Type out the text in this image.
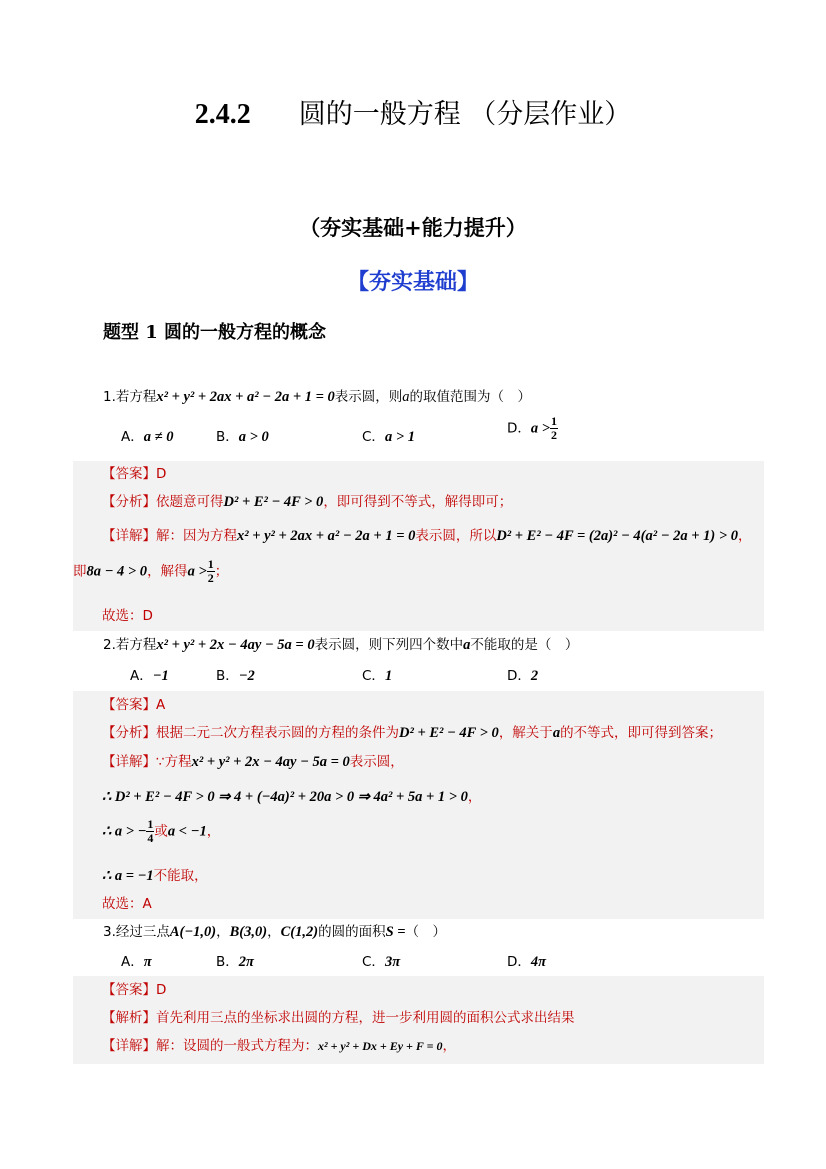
2.4.2 圆的一般方程 （分层作业）
（夯实基础+能力提升）
【夯实基础】
题型 1 圆的一般方程的概念
1.若方程x² + y² + 2ax + a² − 2a + 1 = 0表示圆，则a的取值范围为（　）
A．a ≠ 0	B．a > 0	C．a > 1
D．$a > \frac{1}{2}$
【答案】D
【分析】依题意可得D² + E² − 4F > 0，即可得到不等式，解得即可；
【详解】解：因为方程x² + y² + 2ax + a² − 2a + 1 = 0表示圆，所以D² + E² − 4F = (2a)² − 4(a² − 2a + 1) > 0，
即8a − 4 > 0，解得$a > \frac{1}{2}$ ；
故选：D
2.若方程x² + y² + 2x − 4ay − 5a = 0表示圆，则下列四个数中a不能取的是（　）
A．−1	B．−2	C．1	D．2
【答案】A
【分析】根据二元二次方程表示圆的方程的条件为D² + E² − 4F > 0，解关于a的不等式，即可得到答案；
【详解】∵方程x² + y² + 2x − 4ay − 5a = 0表示圆，
∴ D² + E² − 4F > 0 ⇒ 4 + (−4a)² + 20a > 0 ⇒ 4a² + 5a + 1 > 0，
∴ a > − $\frac{1}{4}$ 或a < −1，
∴ a = −1不能取，
故选：A
3.经过三点A(−1,0)，B(3,0)，C(1,2)的圆的面积S =（　）
A．π	B．2π	C．3π	D．4π
【答案】D
【解析】首先利用三点的坐标求出圆的方程，进一步利用圆的面积公式求出结果
【详解】解：设圆的一般式方程为：x² + y² + Dx + Ey + F = 0，
